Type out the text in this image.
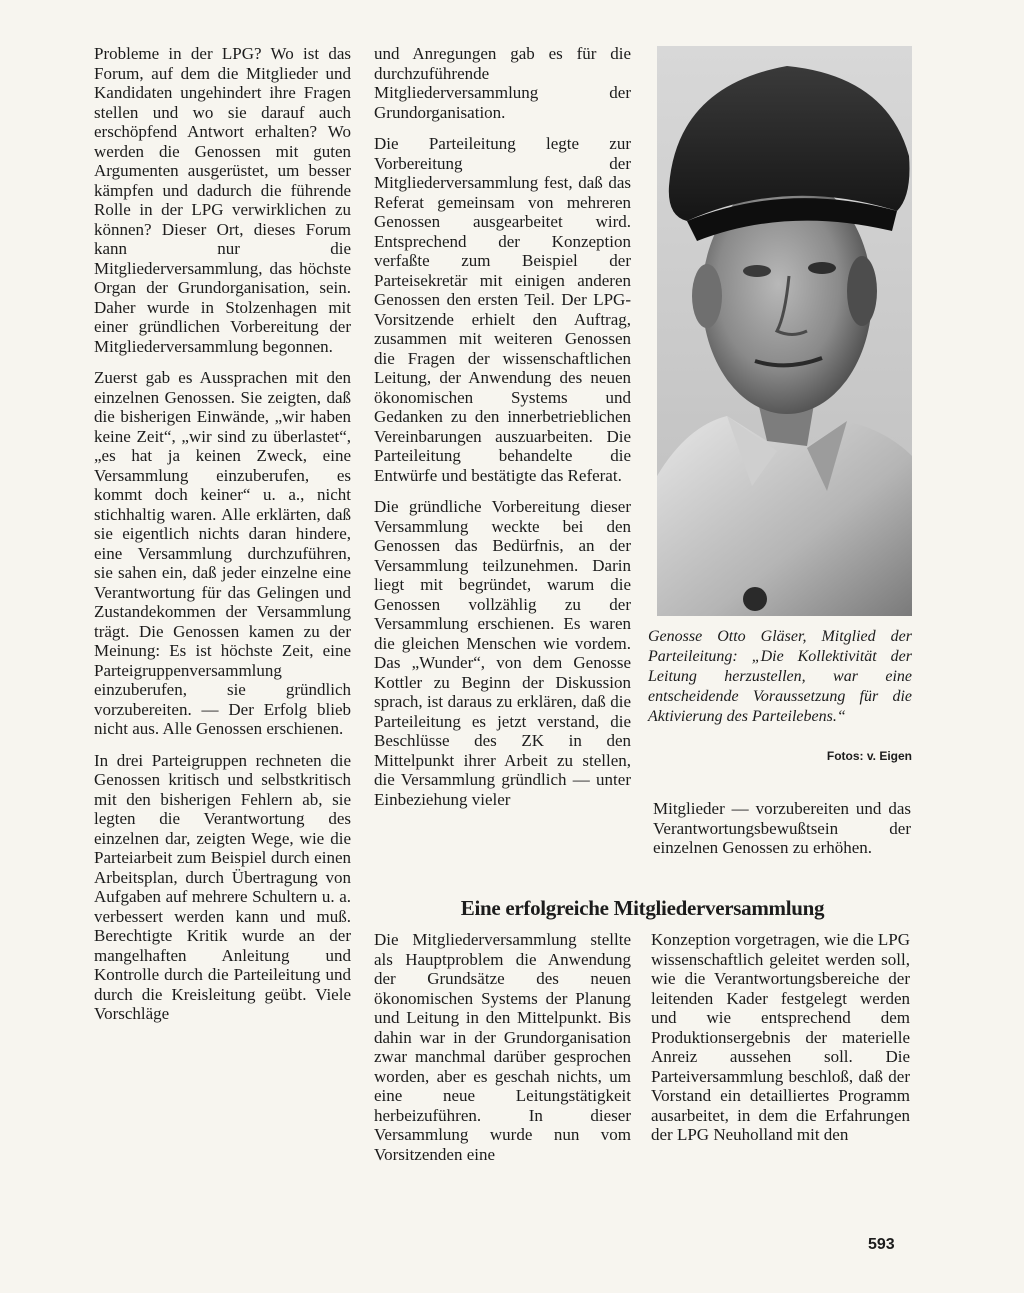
Probleme in der LPG? Wo ist das Forum, auf dem die Mitglieder und Kandidaten ungehindert ihre Fragen stellen und wo sie darauf auch erschöpfend Antwort erhalten? Wo werden die Genossen mit guten Argumenten ausgerüstet, um besser kämpfen und dadurch die führende Rolle in der LPG verwirklichen zu können? Dieser Ort, dieses Forum kann nur die Mitgliederversammlung, das höchste Organ der Grundorganisation, sein. Daher wurde in Stolzenhagen mit einer gründlichen Vorbereitung der Mitgliederversammlung begonnen.

Zuerst gab es Aussprachen mit den einzelnen Genossen. Sie zeigten, daß die bisherigen Einwände, „wir haben keine Zeit“, „wir sind zu überlastet“, „es hat ja keinen Zweck, eine Versammlung einzuberufen, es kommt doch keiner“ u. a., nicht stichhaltig waren. Alle erklärten, daß sie eigentlich nichts daran hindere, eine Versammlung durchzuführen, sie sahen ein, daß jeder einzelne eine Verantwortung für das Gelingen und Zustandekommen der Versammlung trägt. Die Genossen kamen zu der Meinung: Es ist höchste Zeit, eine Parteigruppenversammlung einzuberufen, sie gründlich vorzubereiten. — Der Erfolg blieb nicht aus. Alle Genossen erschienen.

In drei Parteigruppen rechneten die Genossen kritisch und selbstkritisch mit den bisherigen Fehlern ab, sie legten die Verantwortung des einzelnen dar, zeigten Wege, wie die Parteiarbeit zum Beispiel durch einen Arbeitsplan, durch Übertragung von Aufgaben auf mehrere Schultern u. a. verbessert werden kann und muß. Berechtigte Kritik wurde an der mangelhaften Anleitung und Kontrolle durch die Parteileitung und durch die Kreisleitung geübt. Viele Vorschläge

und Anregungen gab es für die durchzuführende Mitgliederversammlung der Grundorganisation.

Die Parteileitung legte zur Vorbereitung der Mitgliederversammlung fest, daß das Referat gemeinsam von mehreren Genossen ausgearbeitet wird. Entsprechend der Konzeption verfaßte zum Beispiel der Parteisekretär mit einigen anderen Genossen den ersten Teil. Der LPG-Vorsitzende erhielt den Auftrag, zusammen mit weiteren Genossen die Fragen der wissenschaftlichen Leitung, der Anwendung des neuen ökonomischen Systems und Gedanken zu den innerbetrieblichen Vereinbarungen auszuarbeiten. Die Parteileitung behandelte die Entwürfe und bestätigte das Referat.

Die gründliche Vorbereitung dieser Versammlung weckte bei den Genossen das Bedürfnis, an der Versammlung teilzunehmen. Darin liegt mit begründet, warum die Genossen vollzählig zu der Versammlung erschienen. Es waren die gleichen Menschen wie vordem. Das „Wunder“, von dem Genosse Kottler zu Beginn der Diskussion sprach, ist daraus zu erklären, daß die Parteileitung es jetzt verstand, die Beschlüsse des ZK in den Mittelpunkt ihrer Arbeit zu stellen, die Versammlung gründlich — unter Einbeziehung vieler

Genosse Otto Gläser, Mitglied der Parteileitung: „Die Kollektivität der Leitung herzustellen, war eine entscheidende Voraussetzung für die Aktivierung des Parteilebens.“
Fotos: v. Eigen

Mitglieder — vorzubereiten und das Verantwortungsbewußtsein der einzelnen Genossen zu erhöhen.

Eine erfolgreiche Mitgliederversammlung

Die Mitgliederversammlung stellte als Hauptproblem die Anwendung der Grundsätze des neuen ökonomischen Systems der Planung und Leitung in den Mittelpunkt. Bis dahin war in der Grundorganisation zwar manchmal darüber gesprochen worden, aber es geschah nichts, um eine neue Leitungstätigkeit herbeizuführen. In dieser Versammlung wurde nun vom Vorsitzenden eine

Konzeption vorgetragen, wie die LPG wissenschaftlich geleitet werden soll, wie die Verantwortungsbereiche der leitenden Kader festgelegt werden und wie entsprechend dem Produktionsergebnis der materielle Anreiz aussehen soll. Die Parteiversammlung beschloß, daß der Vorstand ein detailliertes Programm ausarbeitet, in dem die Erfahrungen der LPG Neuholland mit den

593
